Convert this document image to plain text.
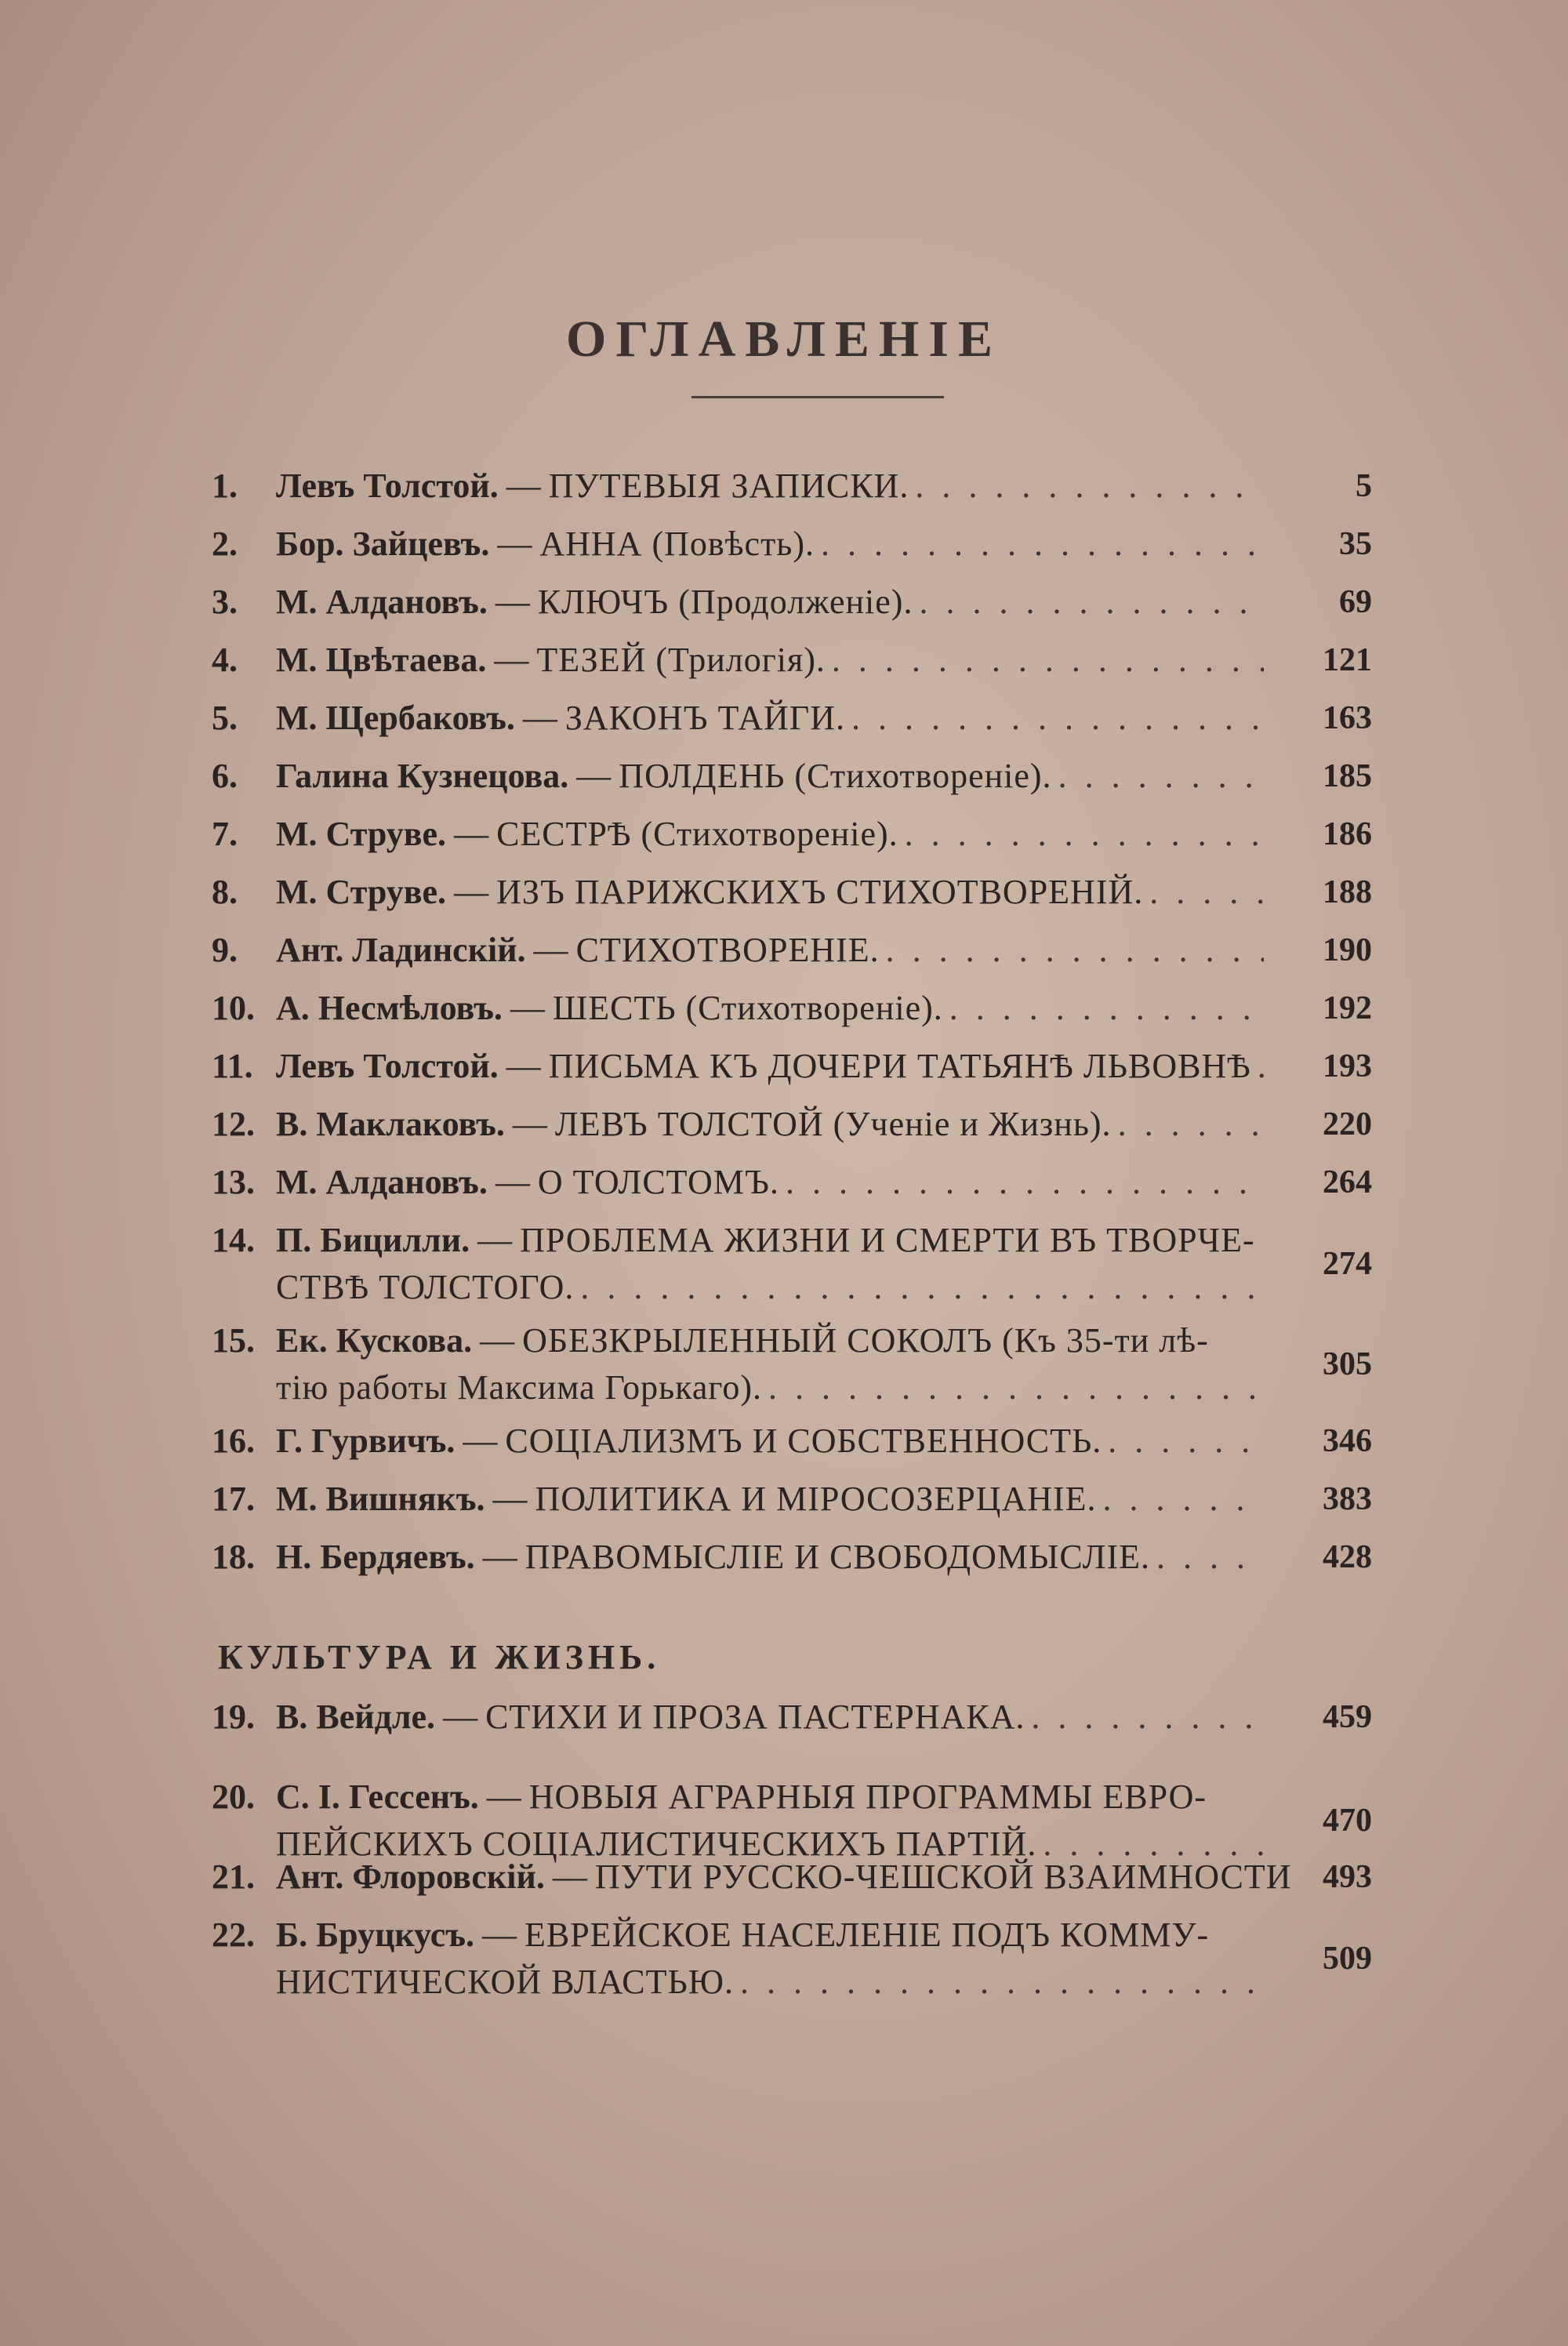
ОГЛАВЛЕНIЕ
1.	Левъ Толстой. — ПУТЕВЫЯ ЗАПИСКИ. . . .	5
2.	Бор. Зайцевъ. — АННА (Повѣсть). . . .	35
3.	М. Алдановъ. — КЛЮЧЪ (Продолженiе). . . .	69
4.	М. Цвѣтаева. — ТЕЗЕЙ (Трилогiя). . . .	121
5.	М. Щербаковъ. — ЗАКОНЪ ТАЙГИ. . . .	163
6.	Галина Кузнецова. — ПОЛДЕНЬ (Стихотворенiе). . . .	185
7.	М. Струве. — СЕСТРѢ (Стихотворенiе). . . .	186
8.	М. Струве. — ИЗЪ ПАРИЖСКИХЪ СТИХОТВОРЕНIЙ. . . .	188
9.	Ант. Ладинскiй. — СТИХОТВОРЕНIЕ. . . .	190
10. А. Несмѣловъ. — ШЕСТЬ (Стихотворенiе). . . .	192
11. Левъ Толстой. — ПИСЬМА КЪ ДОЧЕРИ ТАТЬЯНѢ ЛЬВОВНѢ . . .	193
12. В. Маклаковъ. — ЛЕВЪ ТОЛСТОЙ (Ученiе и Жизнь). . . .	220
13. М. Алдановъ. — О ТОЛСТОМЪ. . . .	264
14. П. Бицилли. — ПРОБЛЕМА ЖИЗНИ И СМЕРТИ ВЪ ТВОРЧЕ-
СТВѢ ТОЛСТОГО.
. . .
274
15. Ек. Кускова. — ОБЕЗКРЫЛЕННЫЙ СОКОЛЪ (Къ 35-ти лѣ-
тiю работы Максима Горькаго).
. . .
305
16. Г. Гурвичъ. — СОЦIАЛИЗМЪ И СОБСТВЕННОСТЬ. . . .	346
17. М. Вишнякъ. — ПОЛИТИКА И МIРОСОЗЕРЦАНIЕ. . . .	383
18. Н. Бердяевъ. — ПРАВОМЫСЛIЕ И СВОБОДОМЫСЛIЕ. . . .	428
КУЛЬТУРА И ЖИЗНЬ.
19. В. Вейдле. — СТИХИ И ПРОЗА ПАСТЕРНАКА. . . .	459
20. С. I. Гессенъ. — НОВЫЯ АГРАРНЫЯ ПРОГРАММЫ ЕВРО-
ПЕЙСКИХЪ СОЦIАЛИСТИЧЕСКИХЪ ПАРТIЙ.
. . .
470
21. Ант. Флоровскiй. — ПУТИ РУССКО-ЧЕШСКОЙ ВЗАИМНОСТИ 493
22. Б. Бруцкусъ. — ЕВРЕЙСКОЕ НАСЕЛЕНIЕ ПОДЪ КОММУ-
НИСТИЧЕСКОЙ ВЛАСТЬЮ.
. . .
509
